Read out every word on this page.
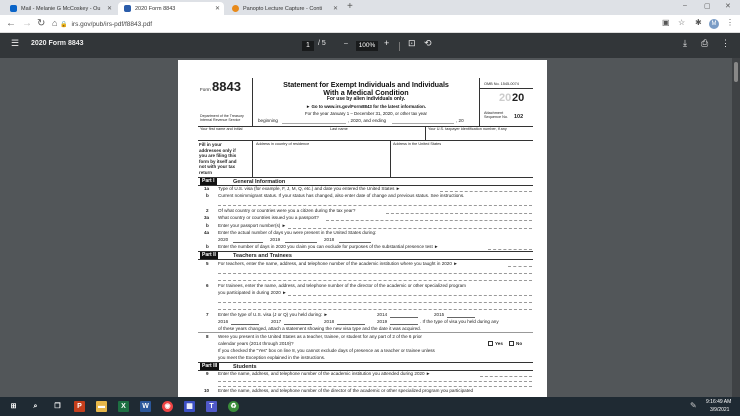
Mail - Melanie G McCoskey - Ou ✕	2020 Form 8843	✕	Panopto Lecture Capture - Conti ✕ +	– ▢ ✕
← → ↻ ⌂ 🔒 irs.gov/pub/irs-pdf/f8843.pdf	▣ ☆ ✱	M	⋮
☰ 2020 Form 8843	1	/ 5	–	100% + ⊡ ⟲	⤓ ⎙ ⋮
Form 8843
Department of the Treasury
Internal Revenue Service
Statement for Exempt Individuals and Individuals
With a Medical Condition
For use by alien individuals only.
► Go to www.irs.gov/Form8843 for the latest information.
For the year January 1 – December 31, 2020, or other tax year
beginning	, 2020, and ending	, 20
OMB No. 1545-0074
20 20
Attachment
Sequence No. 102
Your first name and initial	Last name	Your U.S. taxpayer identification number, if any
Fill in your
addresses only if
you are filing this
form by itself and
not with your tax
return
Address in country of residence	Address in the United States
Part I	General Information
1a Type of U.S. visa (for example, F, J, M, Q, etc.) and date you entered the United States ►
b Current nonimmigrant status. If your status has changed, also enter date of change and previous status. See instructions.
2 Of what country or countries were you a citizen during the tax year?
3a What country or countries issued you a passport?
b Enter your passport number(s) ►
4a Enter the actual number of days you were present in the United States during:
2020	2019	2018
b Enter the number of days in 2020 you claim you can exclude for purposes of the substantial presence test ►
Part II	Teachers and Trainees
5 For teachers, enter the name, address, and telephone number of the academic institution where you taught in 2020 ►
6 For trainees, enter the name, address, and telephone number of the director of the academic or other specialized program
you participated in during 2020 ►
7 Enter the type of U.S. visa (J or Q) you held during: ►	2014	2015
2016	2017	2018	2019	. If the type of visa you held during any
of these years changed, attach a statement showing the new visa type and the date it was acquired.
8 Were you present in the United States as a teacher, trainee, or student for any part of 2 of the 6 prior
calendar years (2014 through 2019)?	Yes	No
If you checked the "Yes" box on line 8, you cannot exclude days of presence as a teacher or trainee unless
you meet the Exception explained in the instructions.
Part III	Students
9 Enter the name, address, and telephone number of the academic institution you attended during 2020 ►
10 Enter the name, address, and telephone number of the director of the academic or other specialized program you participated
⊞	⌕	❐	P	▬	X	W	◉	▦	T	♻	✎ 9:16:49 AM
3/9/2021
